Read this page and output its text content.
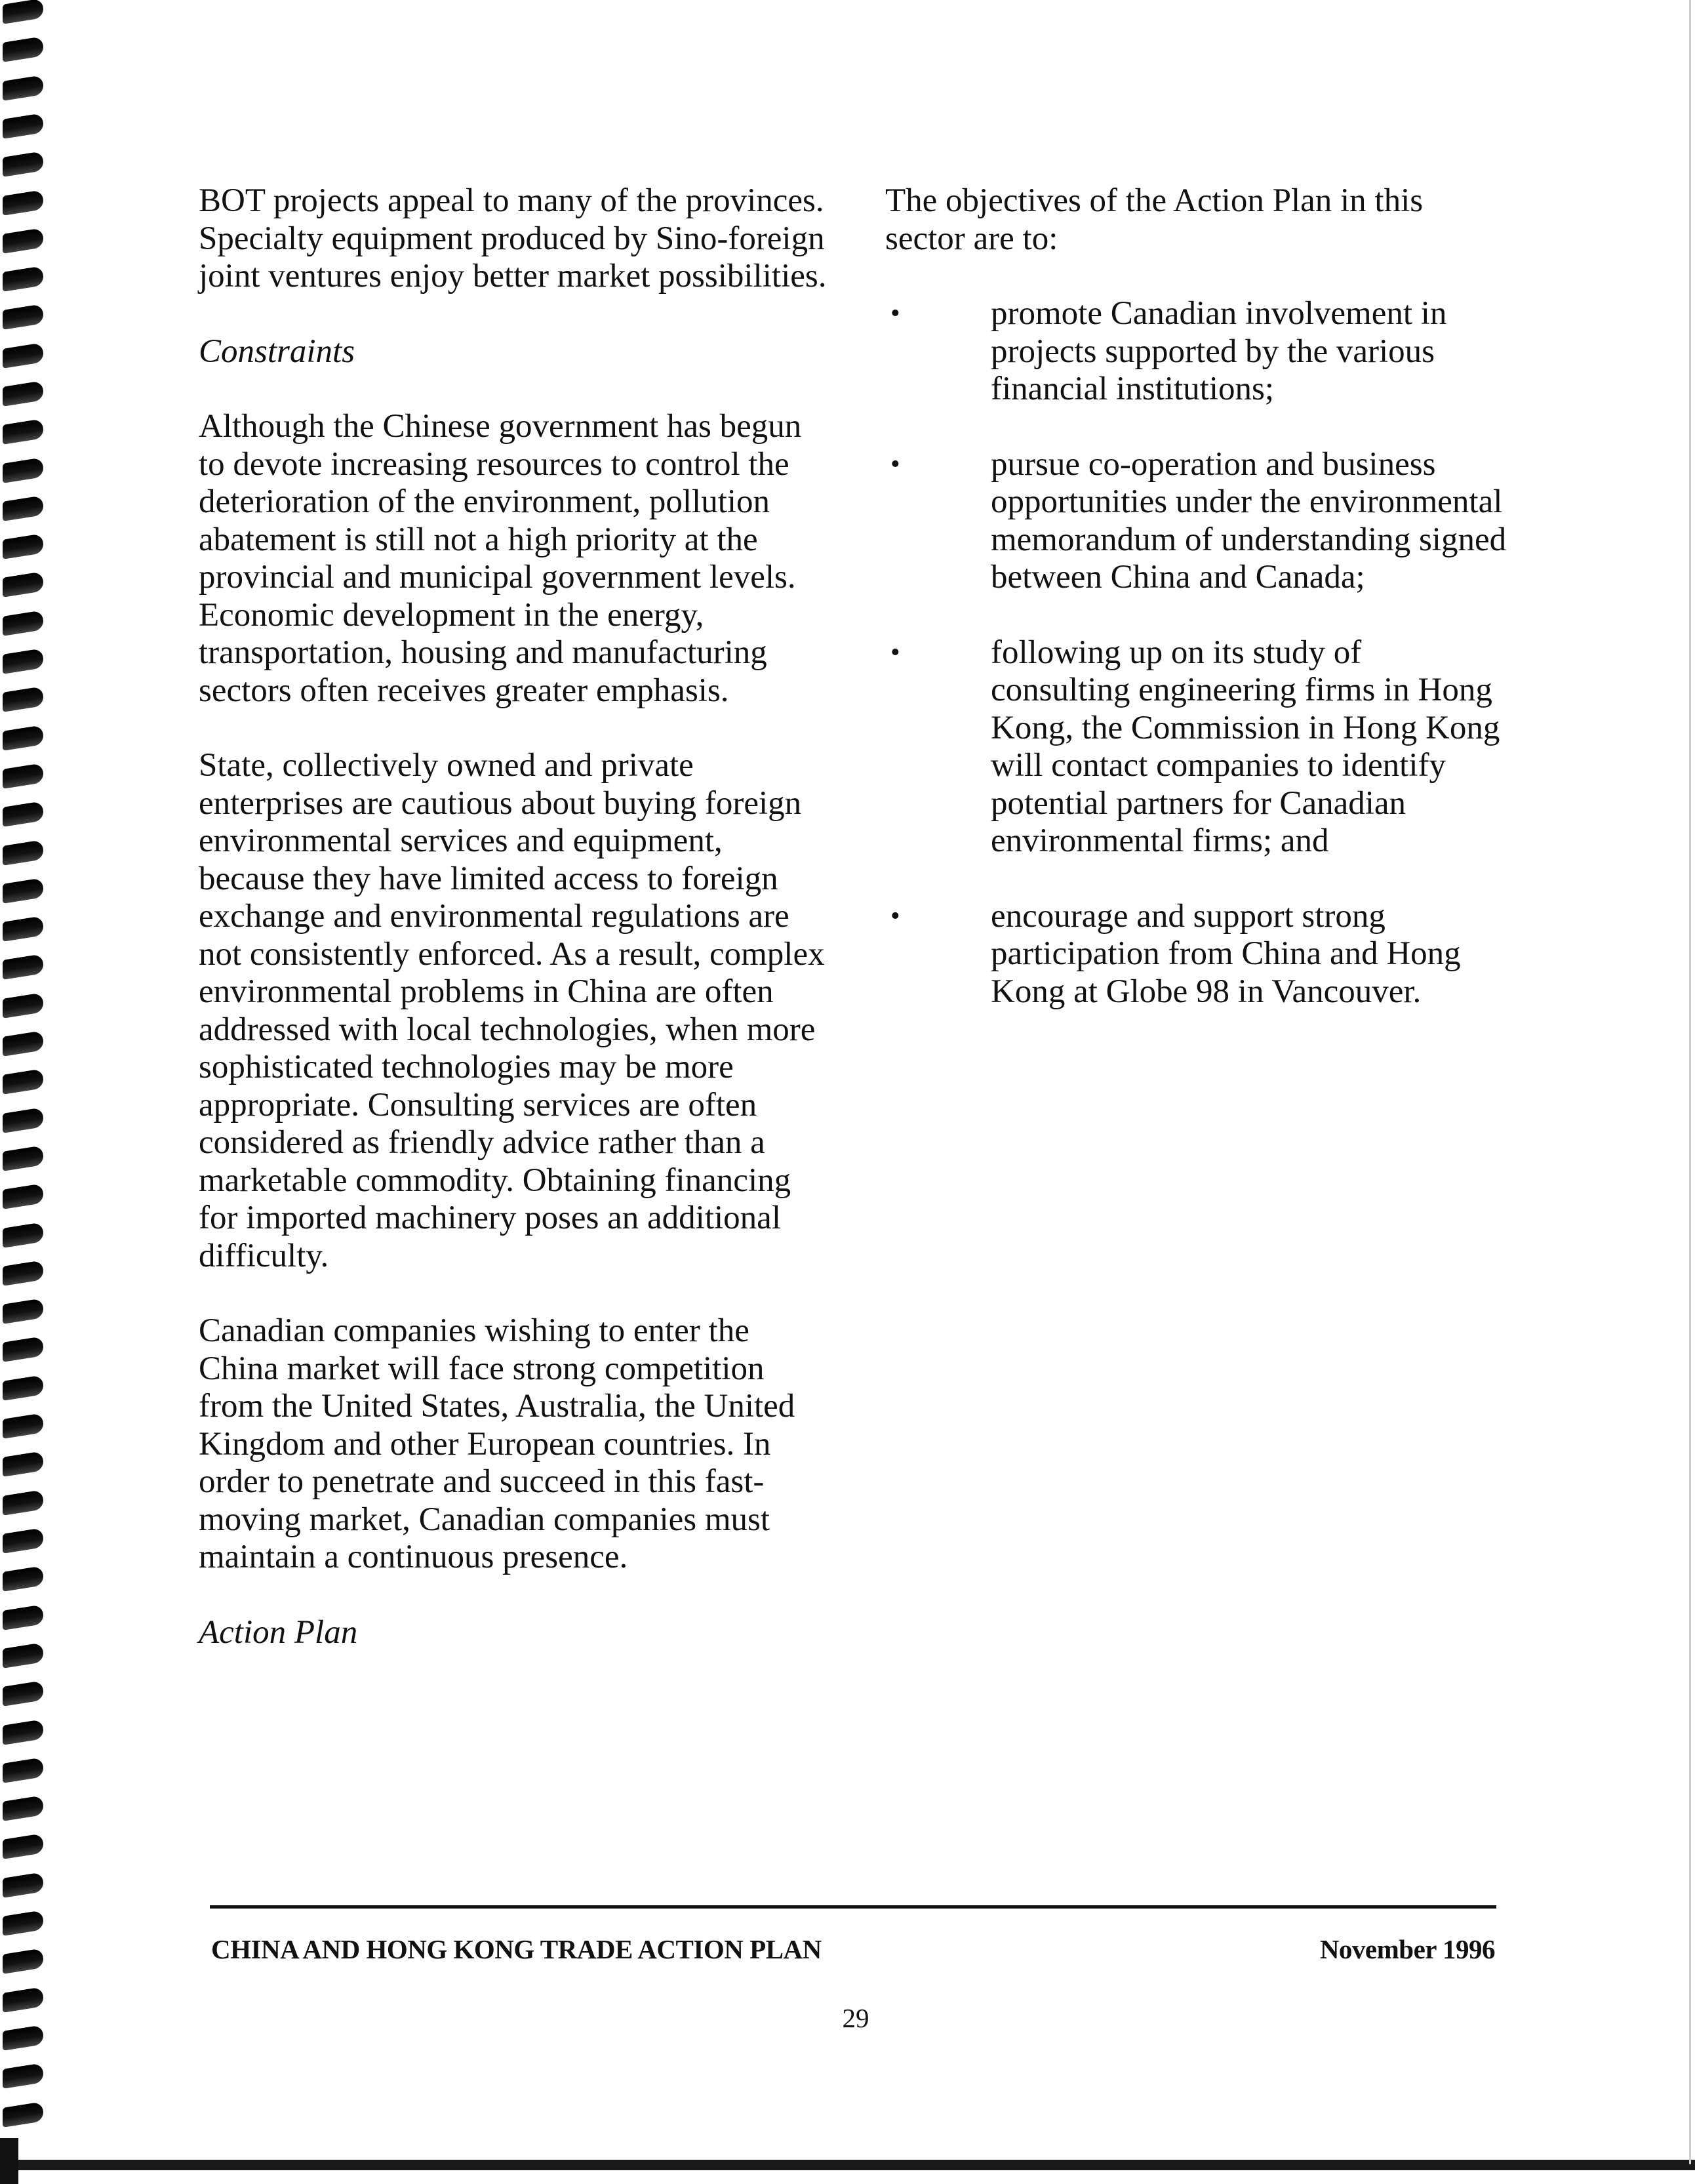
BOT projects appeal to many of the provinces. Specialty equipment produced by Sino-foreign joint ventures enjoy better market possibilities.

Constraints

Although the Chinese government has begun to devote increasing resources to control the deterioration of the environment, pollution abatement is still not a high priority at the provincial and municipal government levels. Economic development in the energy, transportation, housing and manufacturing sectors often receives greater emphasis.

State, collectively owned and private enterprises are cautious about buying foreign environmental services and equipment, because they have limited access to foreign exchange and environmental regulations are not consistently enforced. As a result, complex environmental problems in China are often addressed with local technologies, when more sophisticated technologies may be more appropriate. Consulting services are often considered as friendly advice rather than a marketable commodity. Obtaining financing for imported machinery poses an additional difficulty.

Canadian companies wishing to enter the China market will face strong competition from the United States, Australia, the United Kingdom and other European countries. In order to penetrate and succeed in this fast-moving market, Canadian companies must maintain a continuous presence.

Action Plan

The objectives of the Action Plan in this sector are to:

•	promote Canadian involvement in projects supported by the various financial institutions;
•	pursue co-operation and business opportunities under the environmental memorandum of understanding signed between China and Canada;
•	following up on its study of consulting engineering firms in Hong Kong, the Commission in Hong Kong will contact companies to identify potential partners for Canadian environmental firms; and
•	encourage and support strong participation from China and Hong Kong at Globe 98 in Vancouver.
CHINA AND HONG KONG TRADE ACTION PLAN	November 1996
29
